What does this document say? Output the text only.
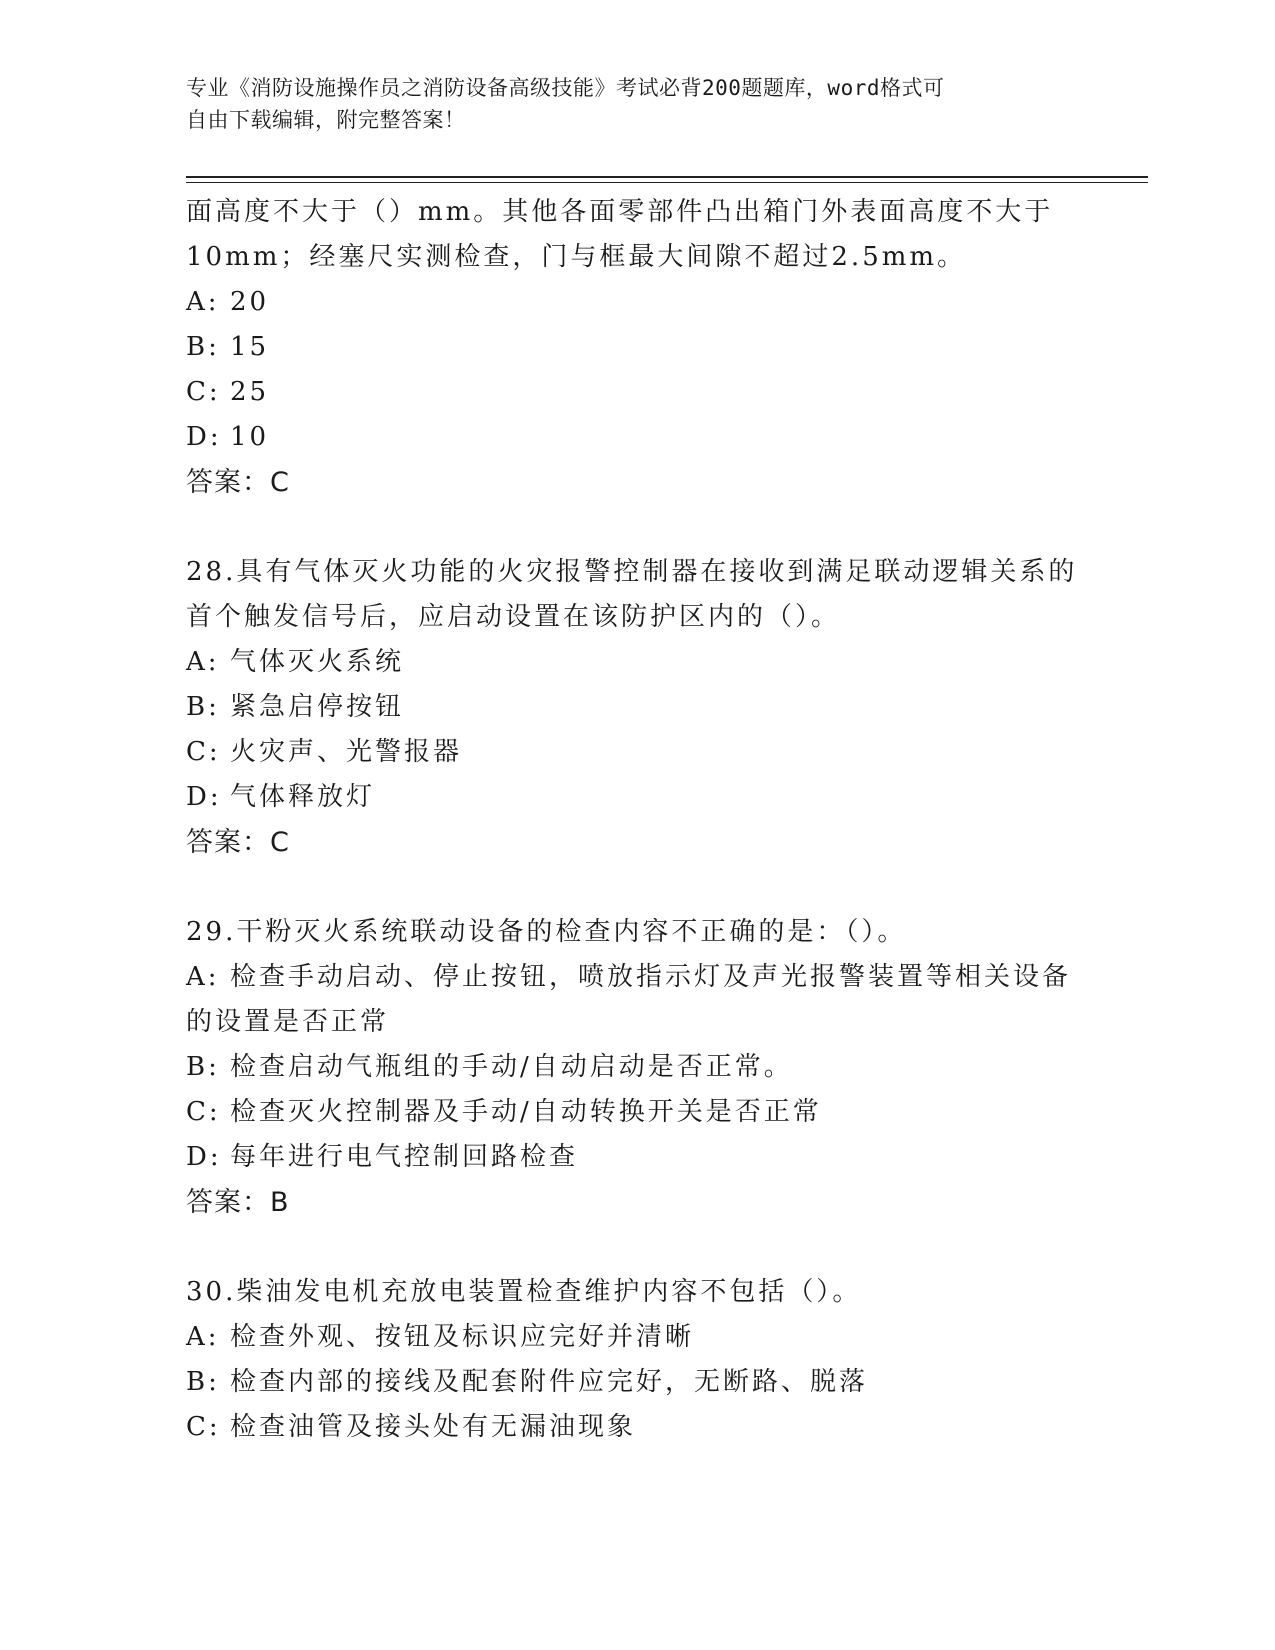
专业《消防设施操作员之消防设备高级技能》考试必背200题题库，word格式可
自由下载编辑，附完整答案！
面高度不大于（）mm。其他各面零部件凸出箱门外表面高度不大于
10mm；经塞尺实测检查，门与框最大间隙不超过2.5mm。
A: 20
B: 15
C: 25
D: 10
答案：C
28.具有气体灭火功能的火灾报警控制器在接收到满足联动逻辑关系的
首个触发信号后，应启动设置在该防护区内的（）。
A: 气体灭火系统
B: 紧急启停按钮
C: 火灾声、光警报器
D: 气体释放灯
答案：C
29.干粉灭火系统联动设备的检查内容不正确的是：（）。
A: 检查手动启动、停止按钮，喷放指示灯及声光报警装置等相关设备
的设置是否正常
B: 检查启动气瓶组的手动/自动启动是否正常。
C: 检查灭火控制器及手动/自动转换开关是否正常
D: 每年进行电气控制回路检查
答案：B
30.柴油发电机充放电装置检查维护内容不包括（）。
A: 检查外观、按钮及标识应完好并清晰
B: 检查内部的接线及配套附件应完好，无断路、脱落
C: 检查油管及接头处有无漏油现象
